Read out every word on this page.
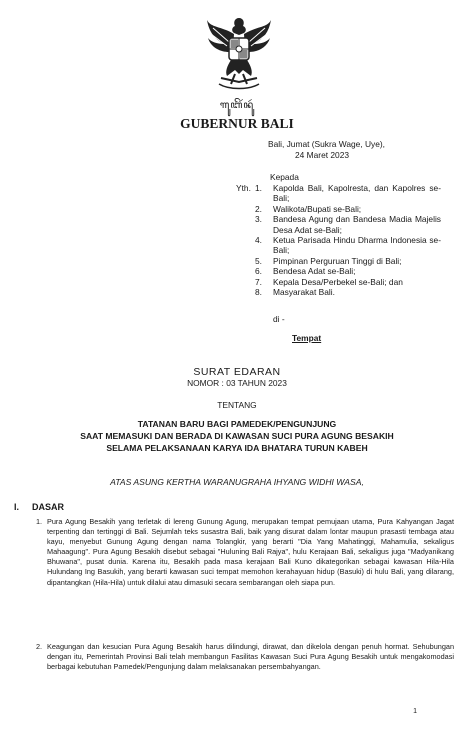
ꦒꦸꦧꦼꦂꦤꦸꦂ
GUBERNUR BALI
Bali, Jumat (Sukra Wage, Uye),
24 Maret 2023
Kepada
Yth. 1. Kapolda Bali, Kapolresta, dan Kapolres se-Bali;
2. Walikota/Bupati se-Bali;
3. Bandesa Agung dan Bandesa Madia Majelis Desa Adat se-Bali;
4. Ketua Parisada Hindu Dharma Indonesia se-Bali;
5. Pimpinan Perguruan Tinggi di Bali;
6. Bendesa Adat se-Bali;
7. Kepala Desa/Perbekel se-Bali; dan
8. Masyarakat Bali.
di -
Tempat
SURAT EDARAN
NOMOR : 03 TAHUN 2023
TENTANG
TATANAN BARU BAGI PAMEDEK/PENGUNJUNG
SAAT MEMASUKI DAN BERADA DI KAWASAN SUCI PURA AGUNG BESAKIH
SELAMA PELAKSANAAN KARYA IDA BHATARA TURUN KABEH
ATAS ASUNG KERTHA WARANUGRAHA IHYANG WIDHI WASA,
I. DASAR
1. Pura Agung Besakih yang terletak di lereng Gunung Agung, merupakan tempat pemujaan utama, Pura Kahyangan Jagat terpenting dan tertinggi di Bali. Sejumlah teks susastra Bali, baik yang disurat dalam lontar maupun prasasti tembaga atau kayu, menyebut Gunung Agung dengan nama Tolangkir, yang berarti "Dia Yang Mahatinggi, Mahamulia, sekaligus Mahaagung". Pura Agung Besakih disebut sebagai "Huluning Bali Rajya", hulu Kerajaan Bali, sekaligus juga "Madyanikang Bhuwana", pusat dunia. Karena itu, Besakih pada masa kerajaan Bali Kuno dikategorikan sebagai kawasan Hila-Hila Hulundang Ing Basukih, yang berarti kawasan suci tempat memohon kerahayuan hidup (Basuki) di hulu Bali, yang dilarang, dipantangkan (Hila-Hila) untuk dilalui atau dimasuki secara sembarangan oleh siapa pun.
2. Keagungan dan kesucian Pura Agung Besakih harus dilindungi, dirawat, dan dikelola dengan penuh hormat. Sehubungan dengan itu, Pemerintah Provinsi Bali telah membangun Fasilitas Kawasan Suci Pura Agung Besakih untuk mengakomodasi berbagai kebutuhan Pamedek/Pengunjung dalam melaksanakan persembahyangan.
1
